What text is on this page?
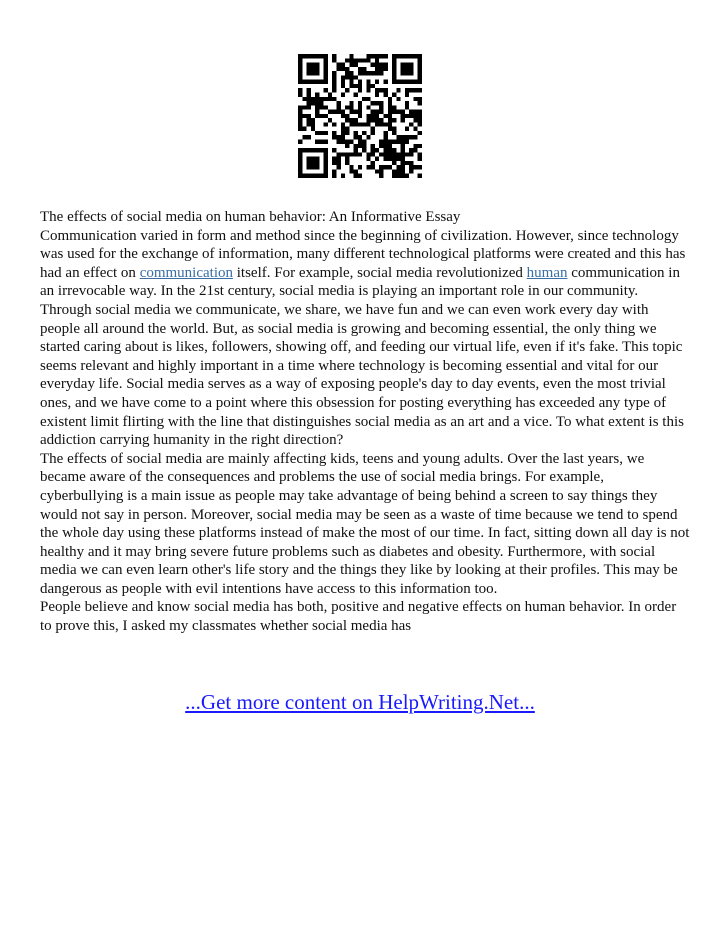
The effects of social media on human behavior: An Informative Essay

Communication varied in form and method since the beginning of civilization. However, since technology was used for the exchange of information, many different technological platforms were created and this has had an effect on communication itself. For example, social media revolutionized human communication in an irrevocable way. In the 21st century, social media is playing an important role in our community. Through social media we communicate, we share, we have fun and we can even work every day with people all around the world. But, as social media is growing and becoming essential, the only thing we started caring about is likes, followers, showing off, and feeding our virtual life, even if it's fake. This topic seems relevant and highly important in a time where technology is becoming essential and vital for our everyday life. Social media serves as a way of exposing people's day to day events, even the most trivial ones, and we have come to a point where this obsession for posting everything has exceeded any type of existent limit flirting with the line that distinguishes social media as an art and a vice. To what extent is this addiction carrying humanity in the right direction?

The effects of social media are mainly affecting kids, teens and young adults. Over the last years, we became aware of the consequences and problems the use of social media brings. For example, cyberbullying is a main issue as people may take advantage of being behind a screen to say things they would not say in person. Moreover, social media may be seen as a waste of time because we tend to spend the whole day using these platforms instead of make the most of our time. In fact, sitting down all day is not healthy and it may bring severe future problems such as diabetes and obesity. Furthermore, with social media we can even learn other's life story and the things they like by looking at their profiles. This may be dangerous as people with evil intentions have access to this information too.

People believe and know social media has both, positive and negative effects on human behavior. In order to prove this, I asked my classmates whether social media has

...Get more content on HelpWriting.Net...
